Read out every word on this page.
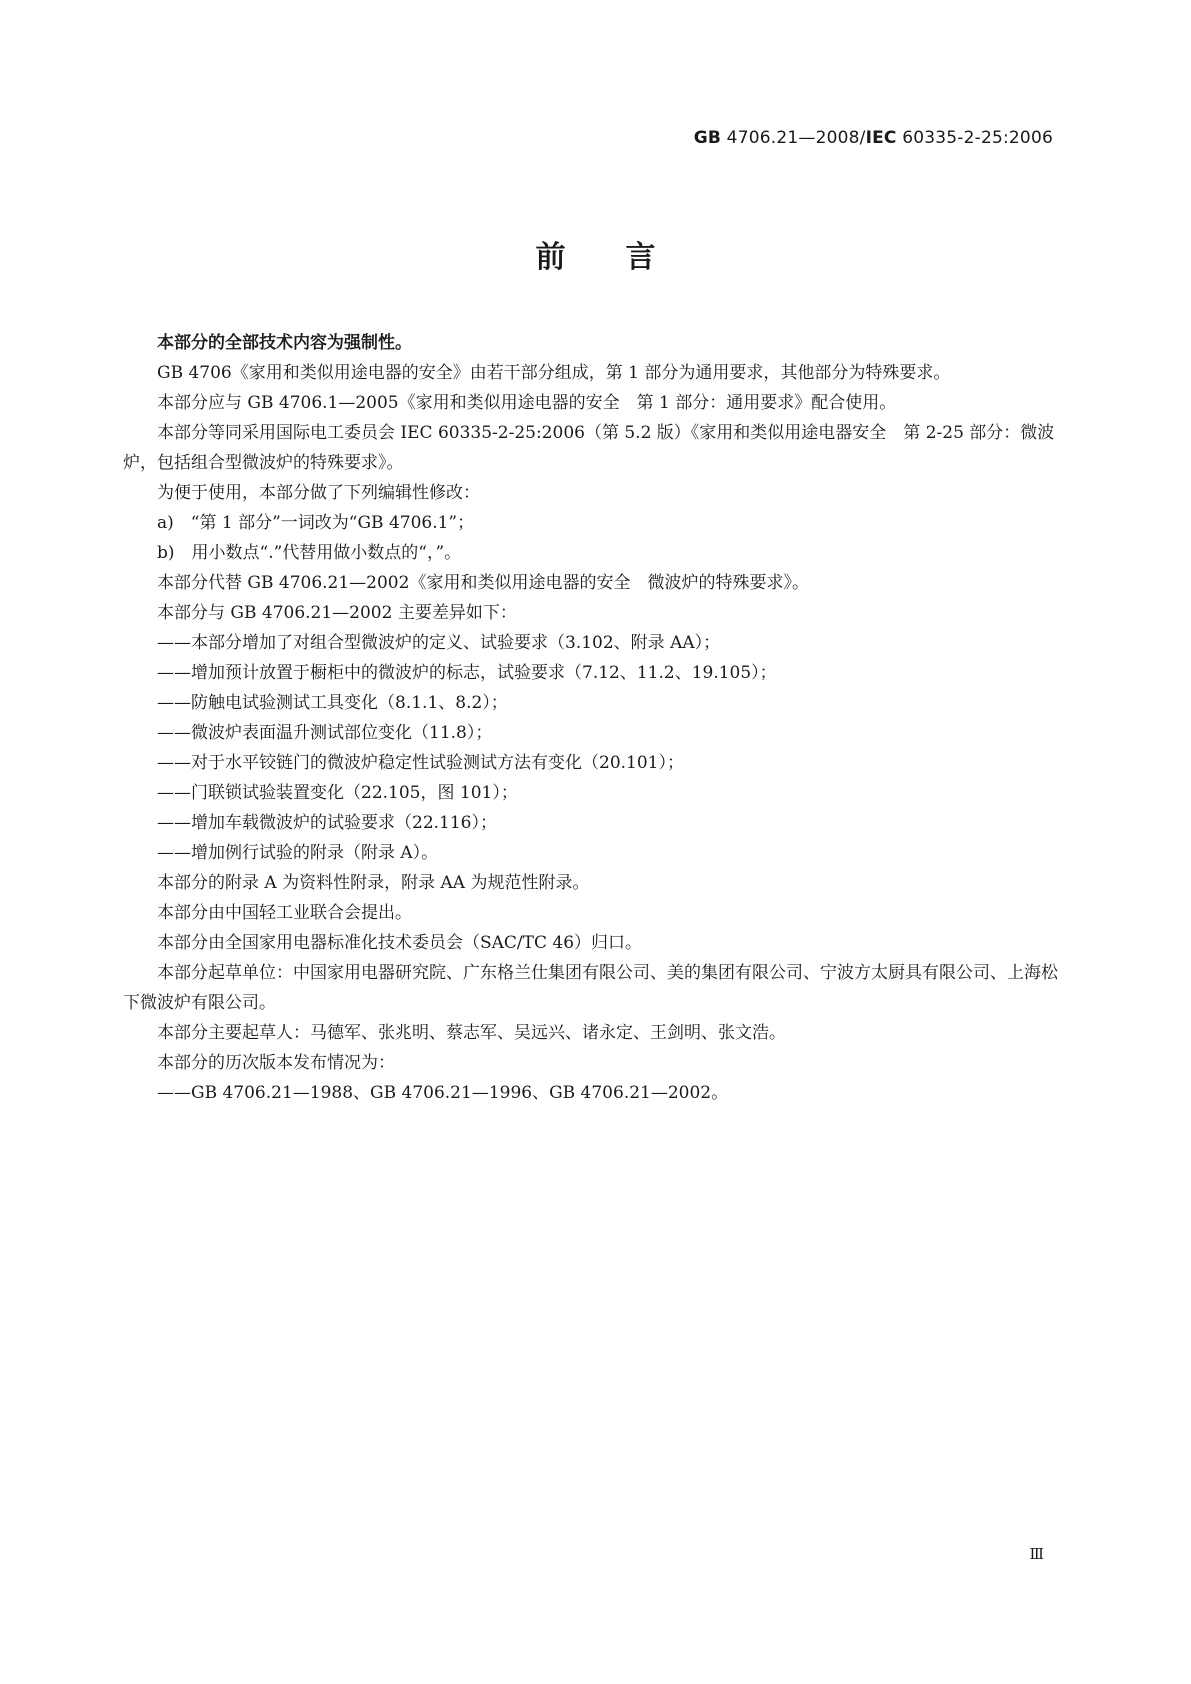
GB 4706.21—2008/IEC 60335-2-25:2006
前言

本部分的全部技术内容为强制性。

GB 4706《家用和类似用途电器的安全》由若干部分组成，第 1 部分为通用要求，其他部分为特殊要求。

本部分应与 GB 4706.1—2005《家用和类似用途电器的安全　第 1 部分：通用要求》配合使用。

本部分等同采用国际电工委员会 IEC 60335-2-25:2006（第 5.2 版）《家用和类似用途电器安全　第 2-25 部分：微波炉，包括组合型微波炉的特殊要求》。

为便于使用，本部分做了下列编辑性修改：

a)　“第 1 部分”一词改为“GB 4706.1”；

b)　用小数点“.”代替用做小数点的“，”。

本部分代替 GB 4706.21—2002《家用和类似用途电器的安全　微波炉的特殊要求》。

本部分与 GB 4706.21—2002 主要差异如下：

——本部分增加了对组合型微波炉的定义、试验要求（3.102、附录 AA）；

——增加预计放置于橱柜中的微波炉的标志，试验要求（7.12、11.2、19.105）；

——防触电试验测试工具变化（8.1.1、8.2）；

——微波炉表面温升测试部位变化（11.8）；

——对于水平铰链门的微波炉稳定性试验测试方法有变化（20.101）；

——门联锁试验装置变化（22.105，图 101）；

——增加车载微波炉的试验要求（22.116）；

——增加例行试验的附录（附录 A）。

本部分的附录 A 为资料性附录，附录 AA 为规范性附录。

本部分由中国轻工业联合会提出。

本部分由全国家用电器标准化技术委员会（SAC/TC 46）归口。

本部分起草单位：中国家用电器研究院、广东格兰仕集团有限公司、美的集团有限公司、宁波方太厨具有限公司、上海松下微波炉有限公司。

本部分主要起草人：马德军、张兆明、蔡志军、吴远兴、诸永定、王剑明、张文浩。

本部分的历次版本发布情况为：

——GB 4706.21—1988、GB 4706.21—1996、GB 4706.21—2002。

Ⅲ
